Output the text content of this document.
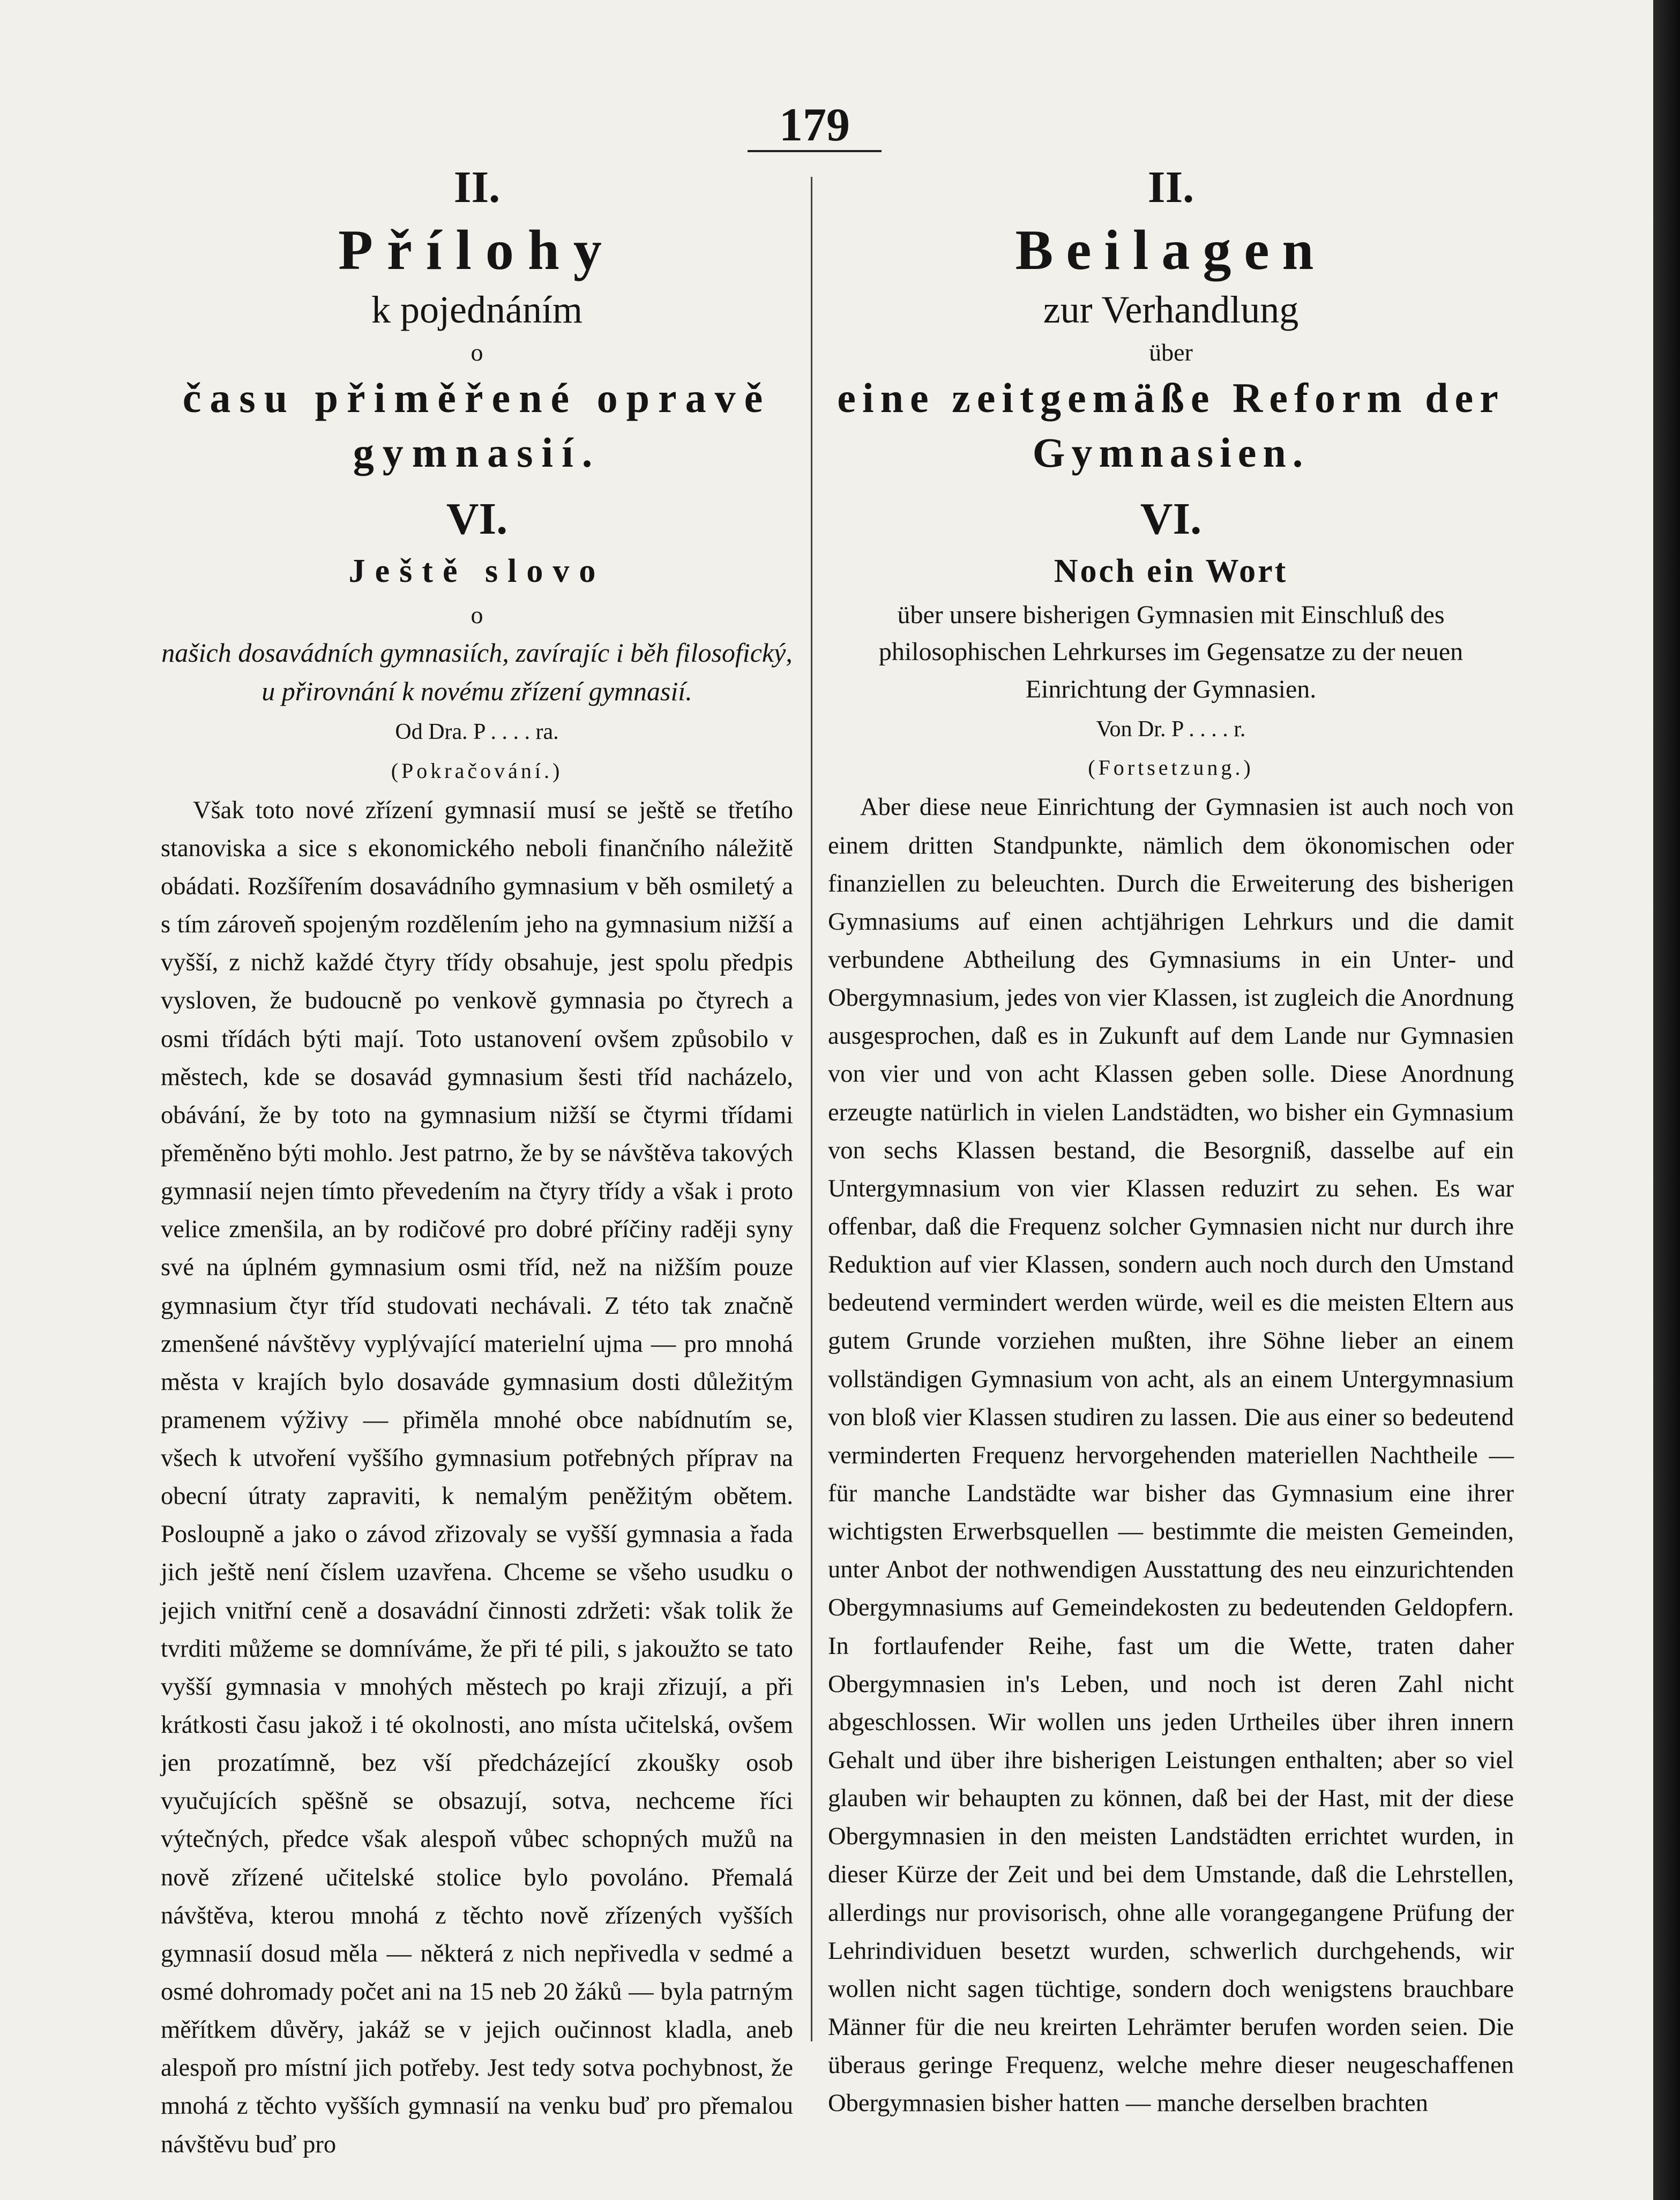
179
II.
Přílohy
k pojednáním
o
času přiměřené opravě
gymnasií.
VI.
Ještě slovo
o
našich dosavádních gymnasiích, zavírajíc i běh filosofický, u přirovnání k novému zřízení gymnasií.
Od Dra. P . . . . ra.
(Pokračování.)

Však toto nové zřízení gymnasií musí se ještě se třetího stanoviska a sice s ekonomického neboli finančního náležitě obádati. Rozšířením dosavádního gymnasium v běh osmiletý a s tím zároveň spojeným rozdělením jeho na gymnasium nižší a vyšší, z nichž každé čtyry třídy obsahuje, jest spolu předpis vysloven, že budoucně po venkově gymnasia po čtyrech a osmi třídách býti mají. Toto ustanovení ovšem způsobilo v městech, kde se dosavád gymnasium šesti tříd nacházelo, obávání, že by toto na gymnasium nižší se čtyrmi třídami přeměněno býti mohlo. Jest patrno, že by se návštěva takových gymnasií nejen tímto převedením na čtyry třídy a však i proto velice zmenšila, an by rodičové pro dobré příčiny raději syny své na úplném gymnasium osmi tříd, než na nižším pouze gymnasium čtyr tříd studovati nechávali. Z této tak značně zmenšené návštěvy vyplývající materielní ujma — pro mnohá města v krajích bylo dosaváde gymnasium dosti důležitým pramenem výživy — přiměla mnohé obce nabídnutím se, všech k utvoření vyššího gymnasium potřebných příprav na obecní útraty zapraviti, k nemalým peněžitým obětem. Posloupně a jako o závod zřizovaly se vyšší gymnasia a řada jich ještě není číslem uzavřena. Chceme se všeho usudku o jejich vnitřní ceně a dosavádní činnosti zdržeti: však tolik že tvrditi můžeme se domníváme, že při té pili, s jakoužto se tato vyšší gymnasia v mnohých městech po kraji zřizují, a při krátkosti času jakož i té okolnosti, ano místa učitelská, ovšem jen prozatímně, bez vší předcházející zkoušky osob vyučujících spěšně se obsazují, sotva, nechceme říci výtečných, předce však alespoň vůbec schopných mužů na nově zřízené učitelské stolice bylo povoláno. Přemalá návštěva, kterou mnohá z těchto nově zřízených vyšších gymnasií dosud měla — některá z nich nepřivedla v sedmé a osmé dohromady počet ani na 15 neb 20 žáků — byla patrným měřítkem důvěry, jakáž se v jejich oučinnost kladla, aneb alespoň pro místní jich potřeby. Jest tedy sotva pochybnost, že mnohá z těchto vyšších gymnasií na venku buď pro přemalou návštěvu buď pro

II.
Beilagen
zur Verhandlung
über
eine zeitgemäße Reform der
Gymnasien.
VI.
Noch ein Wort
über unsere bisherigen Gymnasien mit Einschluß des philosophischen Lehrkurses im Gegensatze zu der neuen Einrichtung der Gymnasien.
Von Dr. P . . . . r.
(Fortsetzung.)

Aber diese neue Einrichtung der Gymnasien ist auch noch von einem dritten Standpunkte, nämlich dem ökonomischen oder finanziellen zu beleuchten. Durch die Erweiterung des bisherigen Gymnasiums auf einen achtjährigen Lehrkurs und die damit verbundene Abtheilung des Gymnasiums in ein Unter- und Obergymnasium, jedes von vier Klassen, ist zugleich die Anordnung ausgesprochen, daß es in Zukunft auf dem Lande nur Gymnasien von vier und von acht Klassen geben solle. Diese Anordnung erzeugte natürlich in vielen Landstädten, wo bisher ein Gymnasium von sechs Klassen bestand, die Besorgniß, dasselbe auf ein Untergymnasium von vier Klassen reduzirt zu sehen. Es war offenbar, daß die Frequenz solcher Gymnasien nicht nur durch ihre Reduktion auf vier Klassen, sondern auch noch durch den Umstand bedeutend vermindert werden würde, weil es die meisten Eltern aus gutem Grunde vorziehen mußten, ihre Söhne lieber an einem vollständigen Gymnasium von acht, als an einem Untergymnasium von bloß vier Klassen studiren zu lassen. Die aus einer so bedeutend verminderten Frequenz hervorgehenden materiellen Nachtheile — für manche Landstädte war bisher das Gymnasium eine ihrer wichtigsten Erwerbsquellen — bestimmte die meisten Gemeinden, unter Anbot der nothwendigen Ausstattung des neu einzurichtenden Obergymnasiums auf Gemeindekosten zu bedeutenden Geldopfern. In fortlaufender Reihe, fast um die Wette, traten daher Obergymnasien in's Leben, und noch ist deren Zahl nicht abgeschlossen. Wir wollen uns jeden Urtheiles über ihren innern Gehalt und über ihre bisherigen Leistungen enthalten; aber so viel glauben wir behaupten zu können, daß bei der Hast, mit der diese Obergymnasien in den meisten Landstädten errichtet wurden, in dieser Kürze der Zeit und bei dem Umstande, daß die Lehrstellen, allerdings nur provisorisch, ohne alle vorangegangene Prüfung der Lehrindividuen besetzt wurden, schwerlich durchgehends, wir wollen nicht sagen tüchtige, sondern doch wenigstens brauchbare Männer für die neu kreirten Lehrämter berufen worden seien. Die überaus geringe Frequenz, welche mehre dieser neugeschaffenen Obergymnasien bisher hatten — manche derselben brachten
